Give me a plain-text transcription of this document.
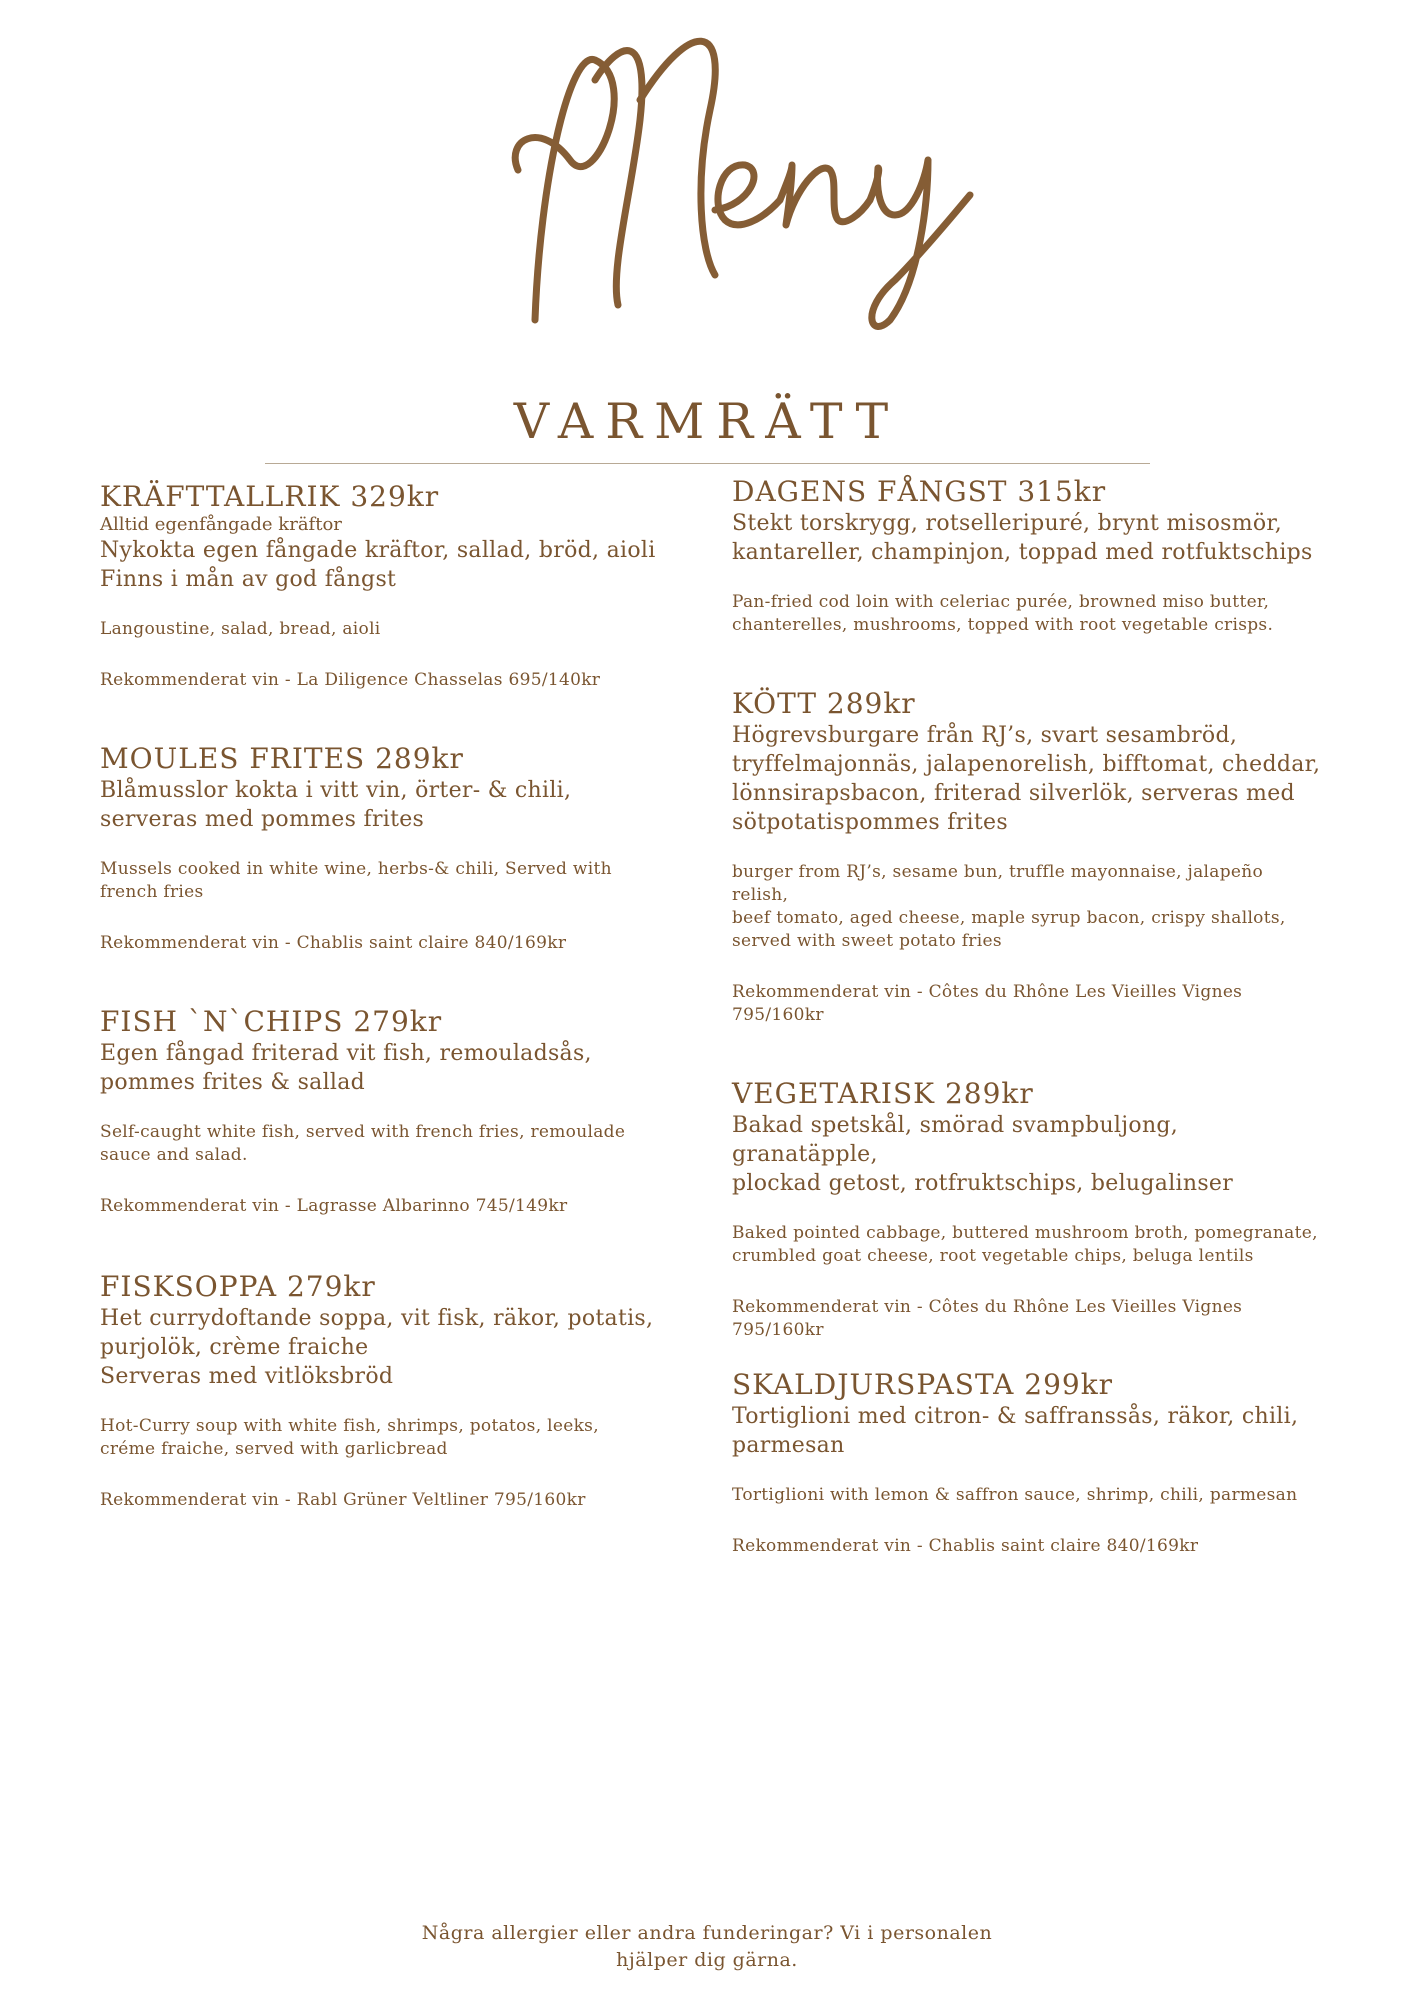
VARMRÄTT
KRÄFTTALLRIK 329kr
Alltid egenfångade kräftor
Nykokta egen fångade kräftor, sallad, bröd, aioli
Finns i mån av god fångst
Langoustine, salad, bread, aioli
Rekommenderat vin - La Diligence Chasselas 695/140kr
MOULES FRITES 289kr
Blåmusslor kokta i vitt vin, örter- & chili,
serveras med pommes frites
Mussels cooked in white wine, herbs-& chili, Served with
french fries
Rekommenderat vin - Chablis saint claire 840/169kr
FISH `N`CHIPS 279kr
Egen fångad friterad vit fish, remouladsås,
pommes frites & sallad
Self-caught white fish, served with french fries, remoulade
sauce and salad.
Rekommenderat vin - Lagrasse Albarinno 745/149kr
FISKSOPPA 279kr
Het currydoftande soppa, vit fisk, räkor, potatis,
purjolök, crème fraiche
Serveras med vitlöksbröd
Hot-Curry soup with white fish, shrimps, potatos, leeks,
créme fraiche, served with garlicbread
Rekommenderat vin - Rabl Grüner Veltliner 795/160kr
DAGENS FÅNGST 315kr
Stekt torskrygg, rotselleripuré, brynt misosmör,
kantareller, champinjon, toppad med rotfuktschips
Pan-fried cod loin with celeriac purée, browned miso butter,
chanterelles, mushrooms, topped with root vegetable crisps.
KÖTT 289kr
Högrevsburgare från RJ’s, svart sesambröd,
tryffelmajonnäs, jalapenorelish, bifftomat, cheddar,
lönnsirapsbacon, friterad silverlök, serveras med
sötpotatispommes frites
burger from RJ’s, sesame bun, truffle mayonnaise, jalapeño relish,
beef tomato, aged cheese, maple syrup bacon, crispy shallots,
served with sweet potato fries
Rekommenderat vin - Côtes du Rhône Les Vieilles Vignes
795/160kr
VEGETARISK 289kr
Bakad spetskål, smörad svampbuljong, granatäpple,
plockad getost, rotfruktschips, belugalinser
Baked pointed cabbage, buttered mushroom broth, pomegranate,
crumbled goat cheese, root vegetable chips, beluga lentils
Rekommenderat vin - Côtes du Rhône Les Vieilles Vignes
795/160kr
SKALDJURSPASTA 299kr
Tortiglioni med citron- & saffranssås, räkor, chili,
parmesan
Tortiglioni with lemon & saffron sauce, shrimp, chili, parmesan
Rekommenderat vin - Chablis saint claire 840/169kr
Några allergier eller andra funderingar? Vi i personalen
hjälper dig gärna.
